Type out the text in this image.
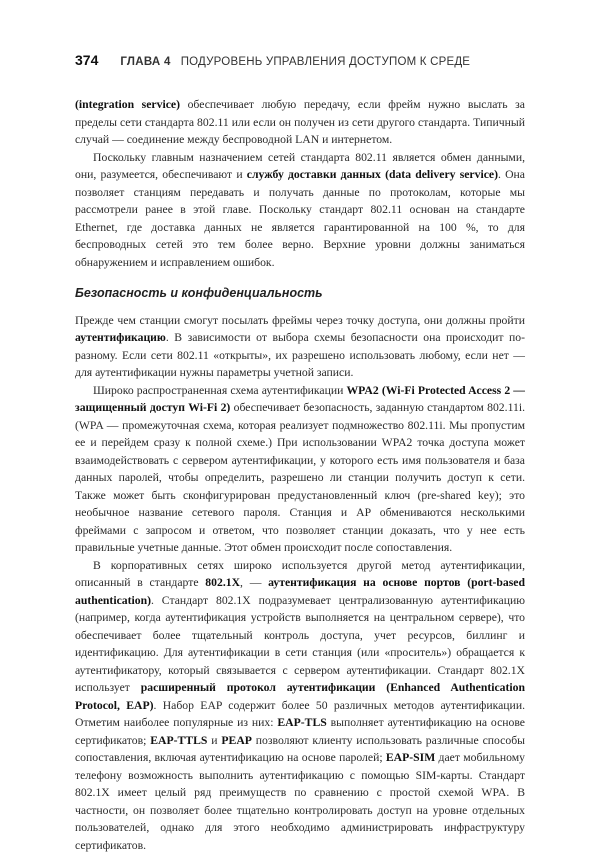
374 ГЛАВА 4 ПОДУРОВЕНЬ УПРАВЛЕНИЯ ДОСТУПОМ К СРЕДЕ

(integration service) обеспечивает любую передачу, если фрейм нужно выслать за пределы сети стандарта 802.11 или если он получен из сети другого стандарта. Типичный случай — соединение между беспроводной LAN и интернетом.

Поскольку главным назначением сетей стандарта 802.11 является обмен данными, они, разумеется, обеспечивают и службу доставки данных (data delivery service). Она позволяет станциям передавать и получать данные по протоколам, которые мы рассмотрели ранее в этой главе. Поскольку стандарт 802.11 основан на стандарте Ethernet, где доставка данных не является гарантированной на 100 %, то для беспроводных сетей это тем более верно. Верхние уровни должны заниматься обнаружением и исправлением ошибок.

Безопасность и конфиденциальность

Прежде чем станции смогут посылать фреймы через точку доступа, они должны пройти аутентификацию. В зависимости от выбора схемы безопасности она происходит по-разному. Если сети 802.11 «открыты», их разрешено использовать любому, если нет — для аутентификации нужны параметры учетной записи.

Широко распространенная схема аутентификации WPA2 (Wi-Fi Protected Access 2 — защищенный доступ Wi-Fi 2) обеспечивает безопасность, заданную стандартом 802.11i. (WPA — промежуточная схема, которая реализует подмножество 802.11i. Мы пропустим ее и перейдем сразу к полной схеме.) При использовании WPA2 точка доступа может взаимодействовать с сервером аутентификации, у которого есть имя пользователя и база данных паролей, чтобы определить, разрешено ли станции получить доступ к сети. Также может быть сконфигурирован предустановленный ключ (pre-shared key); это необычное название сетевого пароля. Станция и AP обмениваются несколькими фреймами с запросом и ответом, что позволяет станции доказать, что у нее есть правильные учетные данные. Этот обмен происходит после сопоставления.

В корпоративных сетях широко используется другой метод аутентификации, описанный в стандарте 802.1X, — аутентификация на основе портов (port-based authentication). Стандарт 802.1X подразумевает централизованную аутентификацию (например, когда аутентификация устройств выполняется на центральном сервере), что обеспечивает более тщательный контроль доступа, учет ресурсов, биллинг и идентификацию. Для аутентификации в сети станция (или «проситель») обращается к аутентификатору, который связывается с сервером аутентификации. Стандарт 802.1X использует расширенный протокол аутентификации (Enhanced Authentication Protocol, EAP). Набор EAP содержит более 50 различных методов аутентификации. Отметим наиболее популярные из них: EAP-TLS выполняет аутентификацию на основе сертификатов; EAP-TTLS и PEAP позволяют клиенту использовать различные способы сопоставления, включая аутентификацию на основе паролей; EAP-SIM дает мобильному телефону возможность выполнить аутентификацию с помощью SIM-карты. Стандарт 802.1X имеет целый ряд преимуществ по сравнению с простой схемой WPA. В частности, он позволяет более тщательно контролировать доступ на уровне отдельных пользователей, однако для этого необходимо администрировать инфраструктуру сертификатов.
